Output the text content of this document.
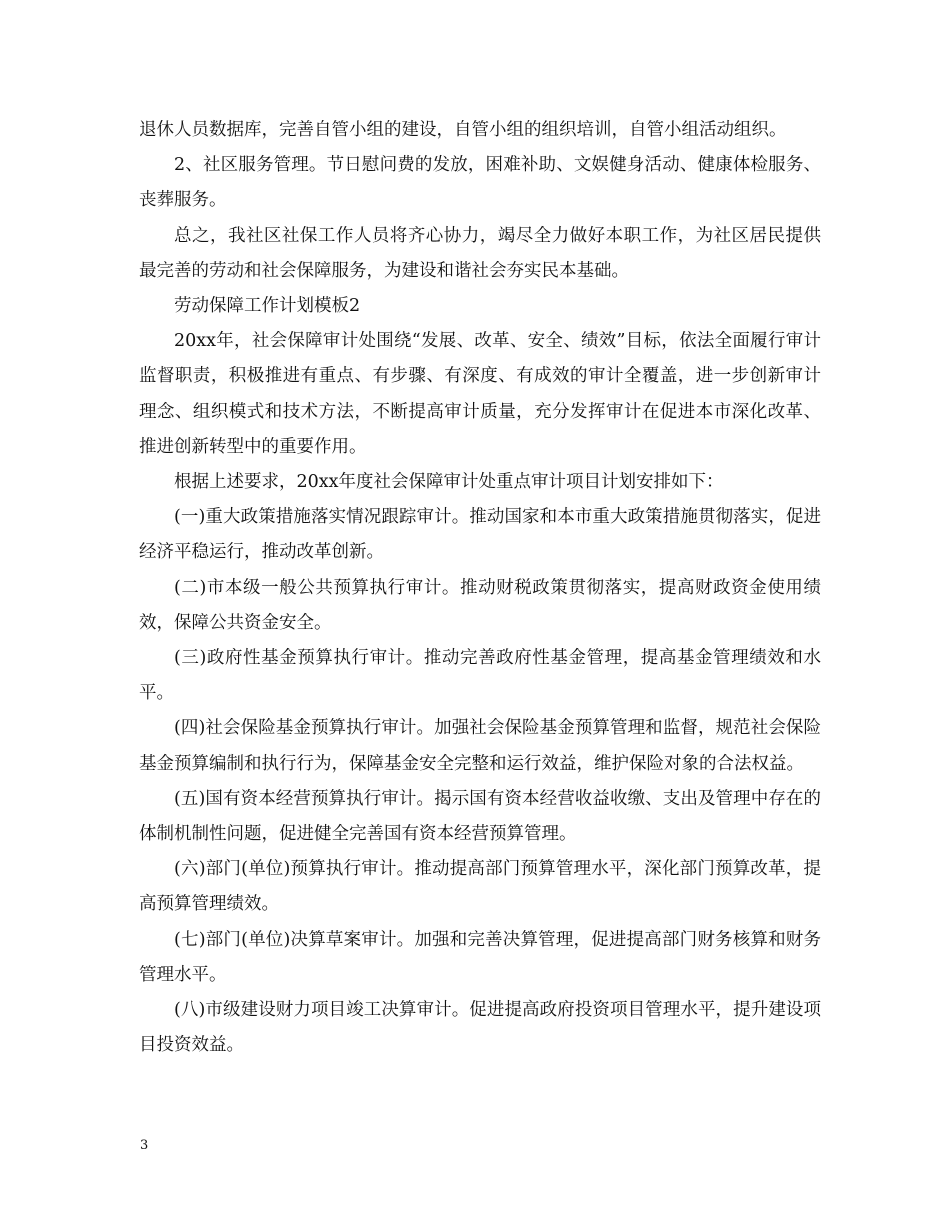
退休人员数据库，完善自管小组的建设，自管小组的组织培训，自管小组活动组织。

2、社区服务管理。节日慰问费的发放，困难补助、文娱健身活动、健康体检服务、丧葬服务。

总之，我社区社保工作人员将齐心协力，竭尽全力做好本职工作，为社区居民提供最完善的劳动和社会保障服务，为建设和谐社会夯实民本基础。

劳动保障工作计划模板2

20xx年，社会保障审计处围绕“发展、改革、安全、绩效”目标，依法全面履行审计监督职责，积极推进有重点、有步骤、有深度、有成效的审计全覆盖，进一步创新审计理念、组织模式和技术方法，不断提高审计质量，充分发挥审计在促进本市深化改革、推进创新转型中的重要作用。

根据上述要求，20xx年度社会保障审计处重点审计项目计划安排如下：

(一)重大政策措施落实情况跟踪审计。推动国家和本市重大政策措施贯彻落实，促进经济平稳运行，推动改革创新。

(二)市本级一般公共预算执行审计。推动财税政策贯彻落实，提高财政资金使用绩效，保障公共资金安全。

(三)政府性基金预算执行审计。推动完善政府性基金管理，提高基金管理绩效和水平。

(四)社会保险基金预算执行审计。加强社会保险基金预算管理和监督，规范社会保险基金预算编制和执行行为，保障基金安全完整和运行效益，维护保险对象的合法权益。

(五)国有资本经营预算执行审计。揭示国有资本经营收益收缴、支出及管理中存在的体制机制性问题，促进健全完善国有资本经营预算管理。

(六)部门(单位)预算执行审计。推动提高部门预算管理水平，深化部门预算改革，提高预算管理绩效。

(七)部门(单位)决算草案审计。加强和完善决算管理，促进提高部门财务核算和财务管理水平。

(八)市级建设财力项目竣工决算审计。促进提高政府投资项目管理水平，提升建设项目投资效益。

3
